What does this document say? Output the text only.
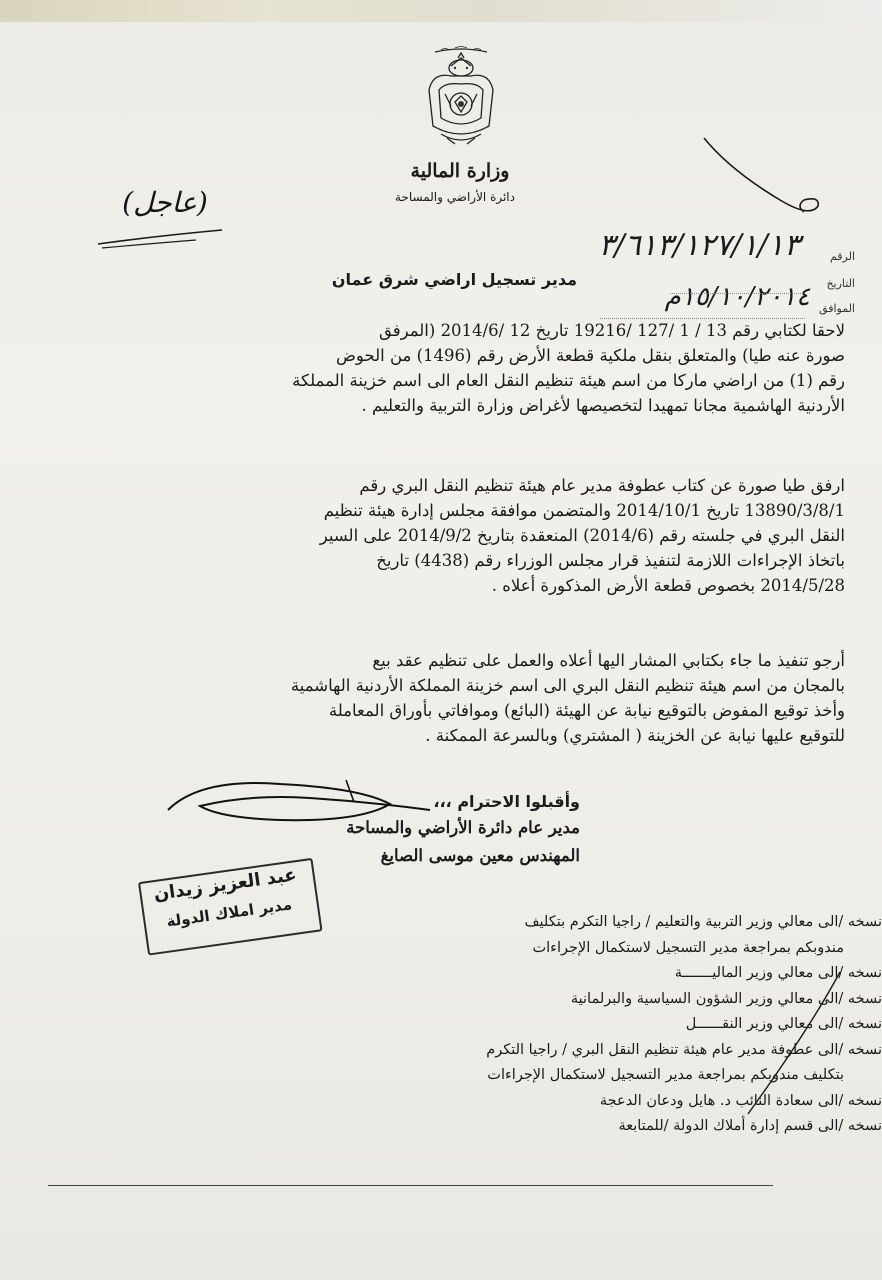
وزارة المالية
دائرة الأراضي والمساحة
(عاجل)
الرقم
التاريخ
الموافق
٣/٦١٣/١٢٧/١/١٣
١٥/١٠/٢٠١٤م
مدير تسجيل اراضي شرق عمان
لاحقا لكتابي رقم 13 / 1 /127 /19216 تاريخ 12 /2014/6 (المرفق
صورة عنه طيا) والمتعلق بنقل ملكية قطعة الأرض رقم (1496) من الحوض
رقم (1) من اراضي ماركا من اسم هيئة تنظيم النقل العام الى اسم خزينة المملكة
الأردنية الهاشمية مجانا تمهيدا لتخصيصها لأغراض وزارة التربية والتعليم .
ارفق طيا صورة عن كتاب عطوفة مدير عام هيئة تنظيم النقل البري رقم
13890/3/8/1 تاريخ 2014/10/1 والمتضمن موافقة مجلس إدارة هيئة تنظيم
النقل البري في جلسته رقم (2014/6) المنعقدة بتاريخ 2014/9/2 على السير
باتخاذ الإجراءات اللازمة لتنفيذ قرار مجلس الوزراء رقم (4438) تاريخ
2014/5/28 بخصوص قطعة الأرض المذكورة أعلاه .
أرجو تنفيذ ما جاء بكتابي المشار اليها أعلاه والعمل على تنظيم عقد بيع
بالمجان من اسم هيئة تنظيم النقل البري الى اسم خزينة المملكة الأردنية الهاشمية
وأخذ توقيع المفوض بالتوقيع نيابة عن الهيئة (البائع) وموافاتي بأوراق المعاملة
للتوقيع عليها نيابة عن الخزينة ( المشتري) وبالسرعة الممكنة .
وأقبلوا الاحترام ،،،
مدير عام دائرة الأراضي والمساحة
المهندس معين موسى الصايغ
عبد العزيز زيدان
مدير املاك الدولة	نسخه /الى معالي وزير التربية والتعليم / راجيا التكرم بتكليف
مندوبكم بمراجعة مدير التسجيل لاستكمال الإجراءات
نسخه /الى معالي وزير الماليـــــــة
نسخه /الى معالي وزير الشؤون السياسية والبرلمانية
نسخه /الى معالي وزير النقــــــل
نسخه /الى عطوفة مدير عام هيئة تنظيم النقل البري / راجيا التكرم
بتكليف مندوبكم بمراجعة مدير التسجيل لاستكمال الإجراءات
نسخه /الى سعادة النائب د. هايل ودعان الدعجة
نسخه /الى قسم إدارة أملاك الدولة /للمتابعة
